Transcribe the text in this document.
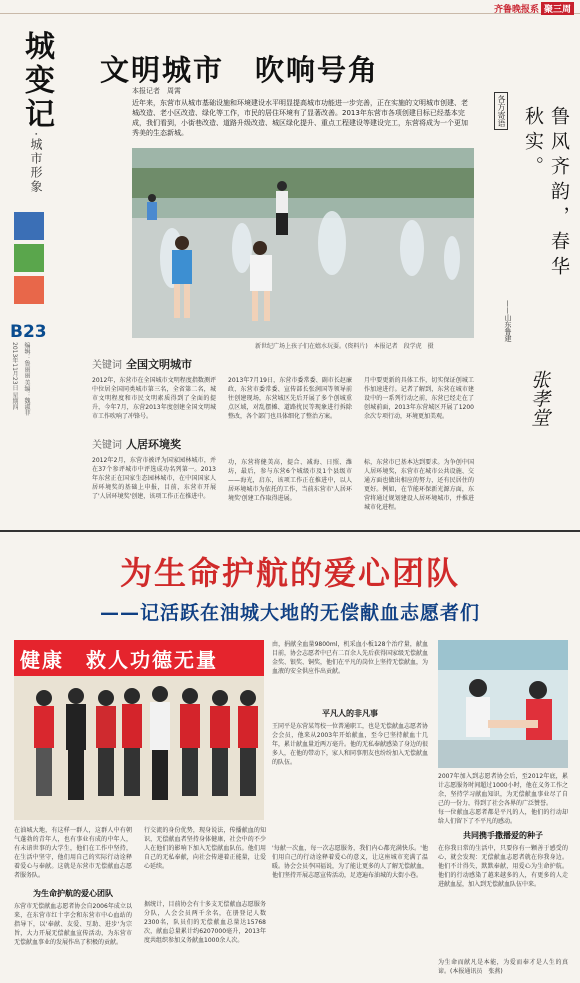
齐鲁晚报系 聚三周
城变记
·城市形象
B23
2013年11月23日 星期四 编辑：鲁丽丽 美编：魏淑菲
文明城市　吹响号角
本报记者　周霄
近年来，东营市从城市基础设施和环境建设水平明显提高城市功能进一步完善，正在实施的文明城市创建、老城改造、老小区改造、绿化等工作，市民的居住环境有了显著改善。2013年东营市各项创建目标已经基本完成，我们看到，小街巷改造、道路升级改造、城区绿化提升、重点工程建设等建设完工，东营将成为一个更加秀美的生态新城。
新世纪广场上孩子们在嬉水玩耍。(资料片)　本报记者　段学虎　摄
关键词 全国文明城市
2012年，东营市在全国城市文明程度指数测评中位居全国同类城市第三名，全省第二名，城市文明程度和市民文明素质得到了全面的提升，今年7月，东营2013年度创建全国文明城市工作吹响了冲锋号。
2013年7月19日，东营市委常委、副市长赵廉政、东营市委常委、宣传部长张润国等领导前往创建现场，东营城区先后开展了多个创城重点区域，对乱摆摊、道路扰民等现象进行拆除整改，各个部门也具体细化了整治方案。
月中要更新的具体工作，切实保证创城工作加速进行。记者了解到，东营在城市建设中的一系列行动之前，东营已经走在了创城前面，2013年东营城区开展了1200余次专项行动，环境更加美观。
关键词 人居环境奖
2012年2月，东营市被评为国家园林城市，并在37个参评城市中评选成功名列第一。2013年东营正在国家生态园林城市，在中国国家人居环境奖的基础上申报，目前，东营市开展了'人居环境奖'创建，该项工作正在推进中。
功，东营将健美高，提合、减海、日照、潍坊，最后，参与东营6个城级市及1个县级市——海光，启东，该项工作正在推进中，以人居环境城市为依托的工作，当前东营市'人居环境奖'创建工作取得进展。
标，东营市已基本达到要求。为争创中国人居环境奖，东营市在城市公共设施、交通方面也做出相应的努力，还有民居住的更好。例如，在节能环保新光源方面，东营将通过规划建设人居环境城市，并推进城市化进程。
各方寄语	鲁风齐韵，春华秋实。
——山东鲁建
张孝堂
为生命护航的爱心团队
——记活跃在油城大地的无偿献血志愿者们
健康　救人功德无量
在油城大地，有这样一群人，这群人中有朝气蓬勃的青年人，也有事业有成的中年人，有未谙世事的大学生，他们在工作中坚持，在生活中坚守，他们用自己的实际行动诠释着爱心与奉献。这就是东营市无偿献血志愿者服务队。
为生命护航的爱心团队
东营市无偿献血志愿者协会自2006年成立以来，在东营市红十字会和东营市中心血站的指导下，以'奉献、友爱、互助、进步'为宗旨，大力开展无偿献血宣传活动，为东营市无偿献血事业的发展作出了积极的贡献。
行交流的身份优势，现身说法，传播献血的知识，无偿献血者坚持身体健康，社会中的不少人在他们的影响下加入无偿献血队伍。他们用自己的无私奉献，向社会传递着正能量，让爱心延续。
据统计，目前协会有十多支无偿献血志愿服务分队，人会会员两千余名，在册登记人数2300名，队员们的无偿献血总量达15768次，献血总量累计约6207000毫升，2013年度共组织参加义务献血1000余人次。
由，捐献全血量9800ml，机采血小板128个治疗量，献血目前，协会志愿者中已有二百余人先后获得国家级无偿献血金奖、银奖、铜奖，他们在平凡的岗位上坚持无偿献血，为血液的安全供应作出贡献。
平凡人的非凡事
王同平是东营某驾校一位普通职工，也是无偿献血志愿者协会会员，他来从2003年开始献血，至今已坚持献血十几年，累计献血量近两万毫升。他的无私奉献感染了身边的很多人，在他的带动下，家人和同事朋友也纷纷加入无偿献血的队伍。
'每献一次血，每一次志愿服务，我们内心都充满快乐。'他们用自己的行动诠释着爱心的意义，让这座城市充满了温暖。协会会员李国福说，为了能让更多的人了解无偿献血，他们坚持开展志愿宣传活动，足迹遍布油城的大街小巷。
2007年加入到志愿者协会后，至2012年底，累计志愿服务时间超过1000小时，他在义务工作之余，坚持学习献血知识，为无偿献血事业尽了自己的一份力，得到了社会各界的广泛赞誉。
每一位献血志愿者都是平凡的人，他们的行动却给人们留下了不平凡的感动。
共同携手撒播爱的种子
在你我日常的生活中，只要你有一颗善于感受的心，就会发现：无偿献血志愿者就在你我身边。他们不计得失，默默奉献，用爱心为生命护航。他们的行动感染了越来越多的人，有更多的人走进献血屋，加入到无偿献血队伍中来。
为生命而献凡是本能，为爱而奉才是人生的真谛。(本报通讯员　张燕)
